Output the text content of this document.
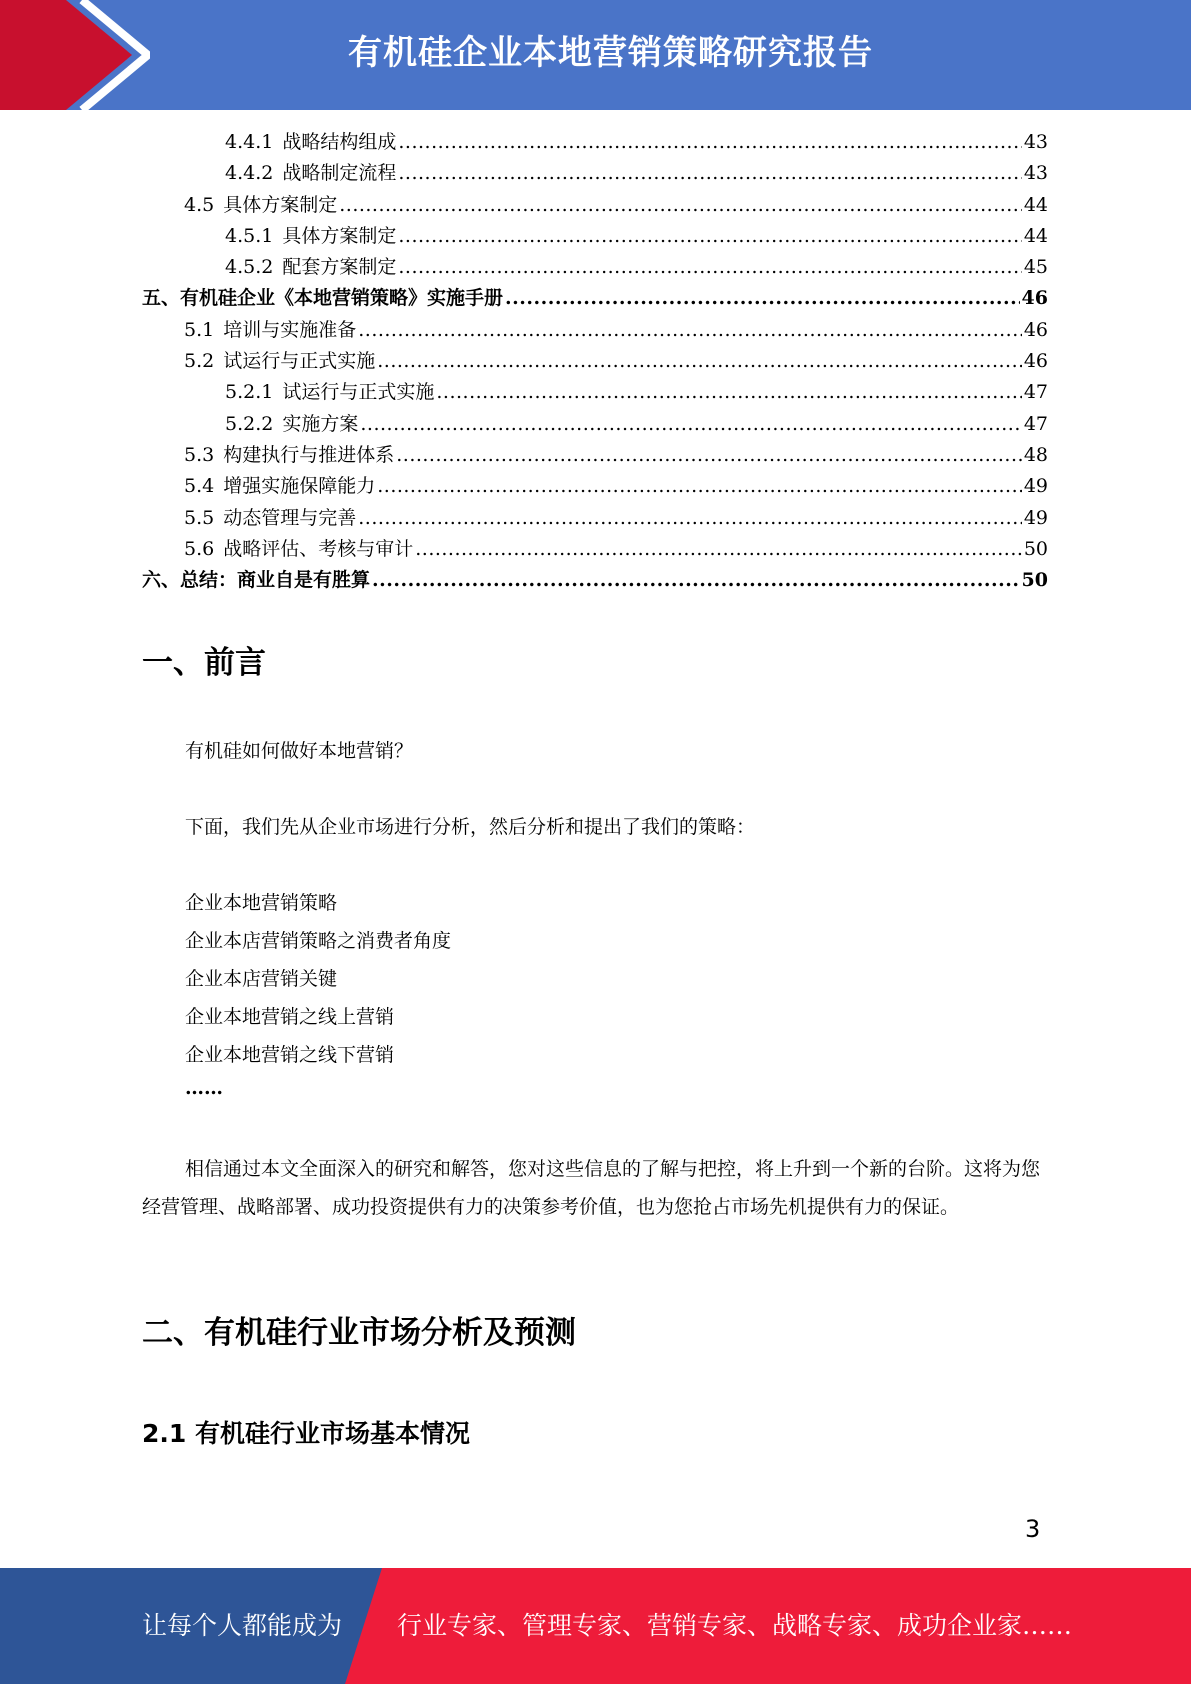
有机硅企业本地营销策略研究报告
4.4.1 战略结构组成 .....	43
4.4.2 战略制定流程 .....	43
4.5 具体方案制定 .....	44
4.5.1 具体方案制定 .....	44
4.5.2 配套方案制定 .....	45
五、有机硅企业《本地营销策略》实施手册 .....	46
5.1 培训与实施准备 .....	46
5.2 试运行与正式实施 .....	46
5.2.1 试运行与正式实施 .....	47
5.2.2 实施方案 .....	47
5.3 构建执行与推进体系 .....	48
5.4 增强实施保障能力 .....	49
5.5 动态管理与完善 .....	49
5.6 战略评估、考核与审计 .....	50
六、总结：商业自是有胜算 .....	50
一、前言
有机硅如何做好本地营销？
下面，我们先从企业市场进行分析，然后分析和提出了我们的策略：
企业本地营销策略
企业本店营销策略之消费者角度
企业本店营销关键
企业本地营销之线上营销
企业本地营销之线下营销
……
相信通过本文全面深入的研究和解答，您对这些信息的了解与把控，将上升到一个新的台阶。这将为您经营管理、战略部署、成功投资提供有力的决策参考价值，也为您抢占市场先机提供有力的保证。
二、有机硅行业市场分析及预测
2.1 有机硅行业市场基本情况
3
让每个人都能成为 行业专家、管理专家、营销专家、战略专家、成功企业家……
